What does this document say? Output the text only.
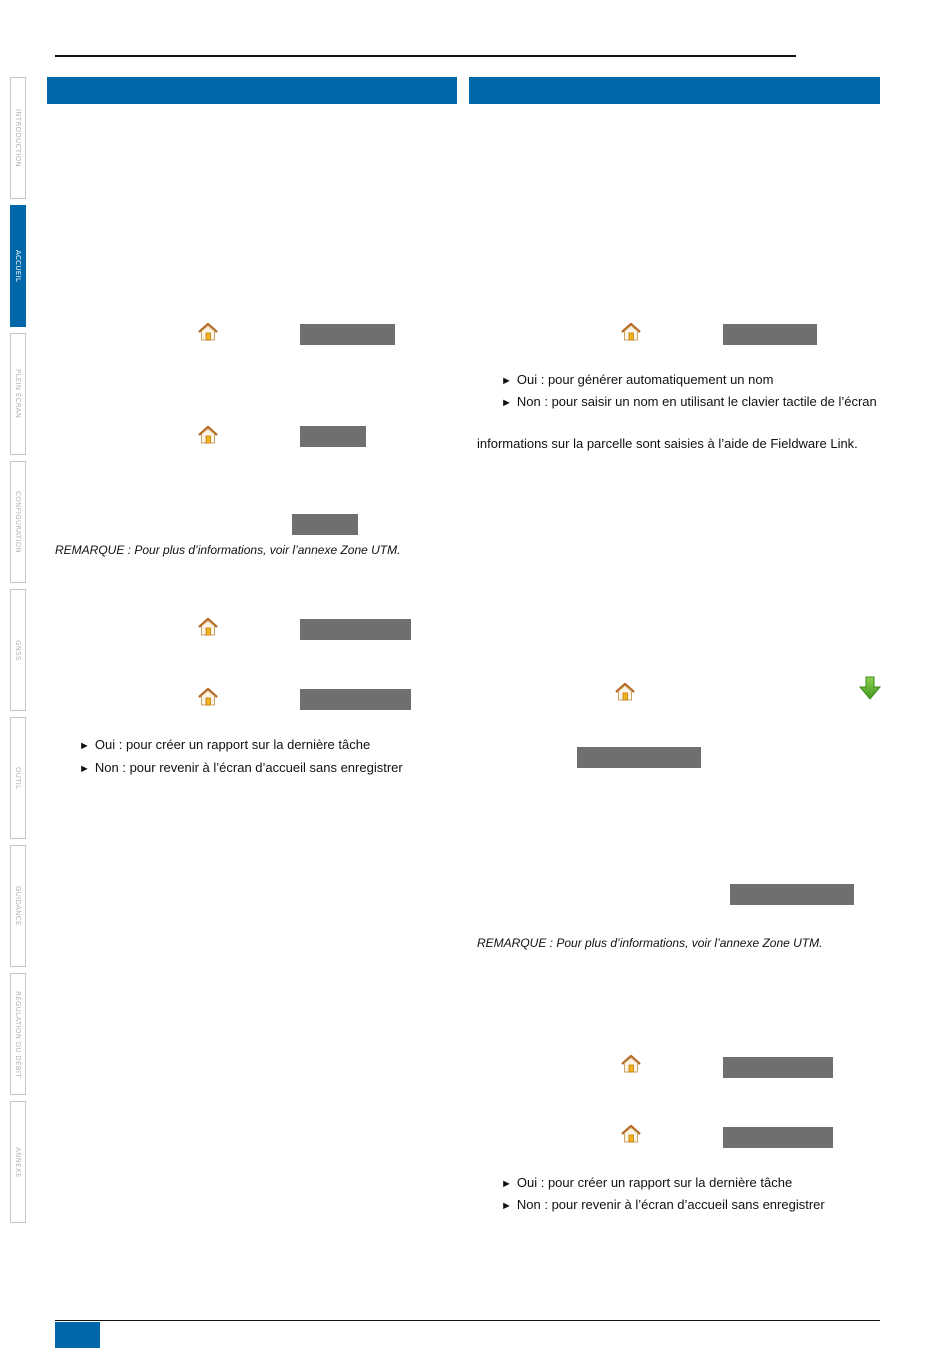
INTRODUCTION
ACCUEIL
PLEIN ÉCRAN
CONFIGURATION
GNSS
OUTIL
GUIDANCE
RÉGULATION DU DÉBIT
ANNEXE
REMARQUE : Pour plus d’informations, voir l’annexe Zone UTM.
► Oui : pour créer un rapport sur la dernière tâche
► Non : pour revenir à l’écran d’accueil sans enregistrer
► Oui : pour générer automatiquement un nom
► Non : pour saisir un nom en utilisant le clavier tactile de l’écran
informations sur la parcelle sont saisies à l’aide de Fieldware Link.
REMARQUE : Pour plus d’informations, voir l’annexe Zone UTM.
► Oui : pour créer un rapport sur la dernière tâche
► Non : pour revenir à l’écran d’accueil sans enregistrer
